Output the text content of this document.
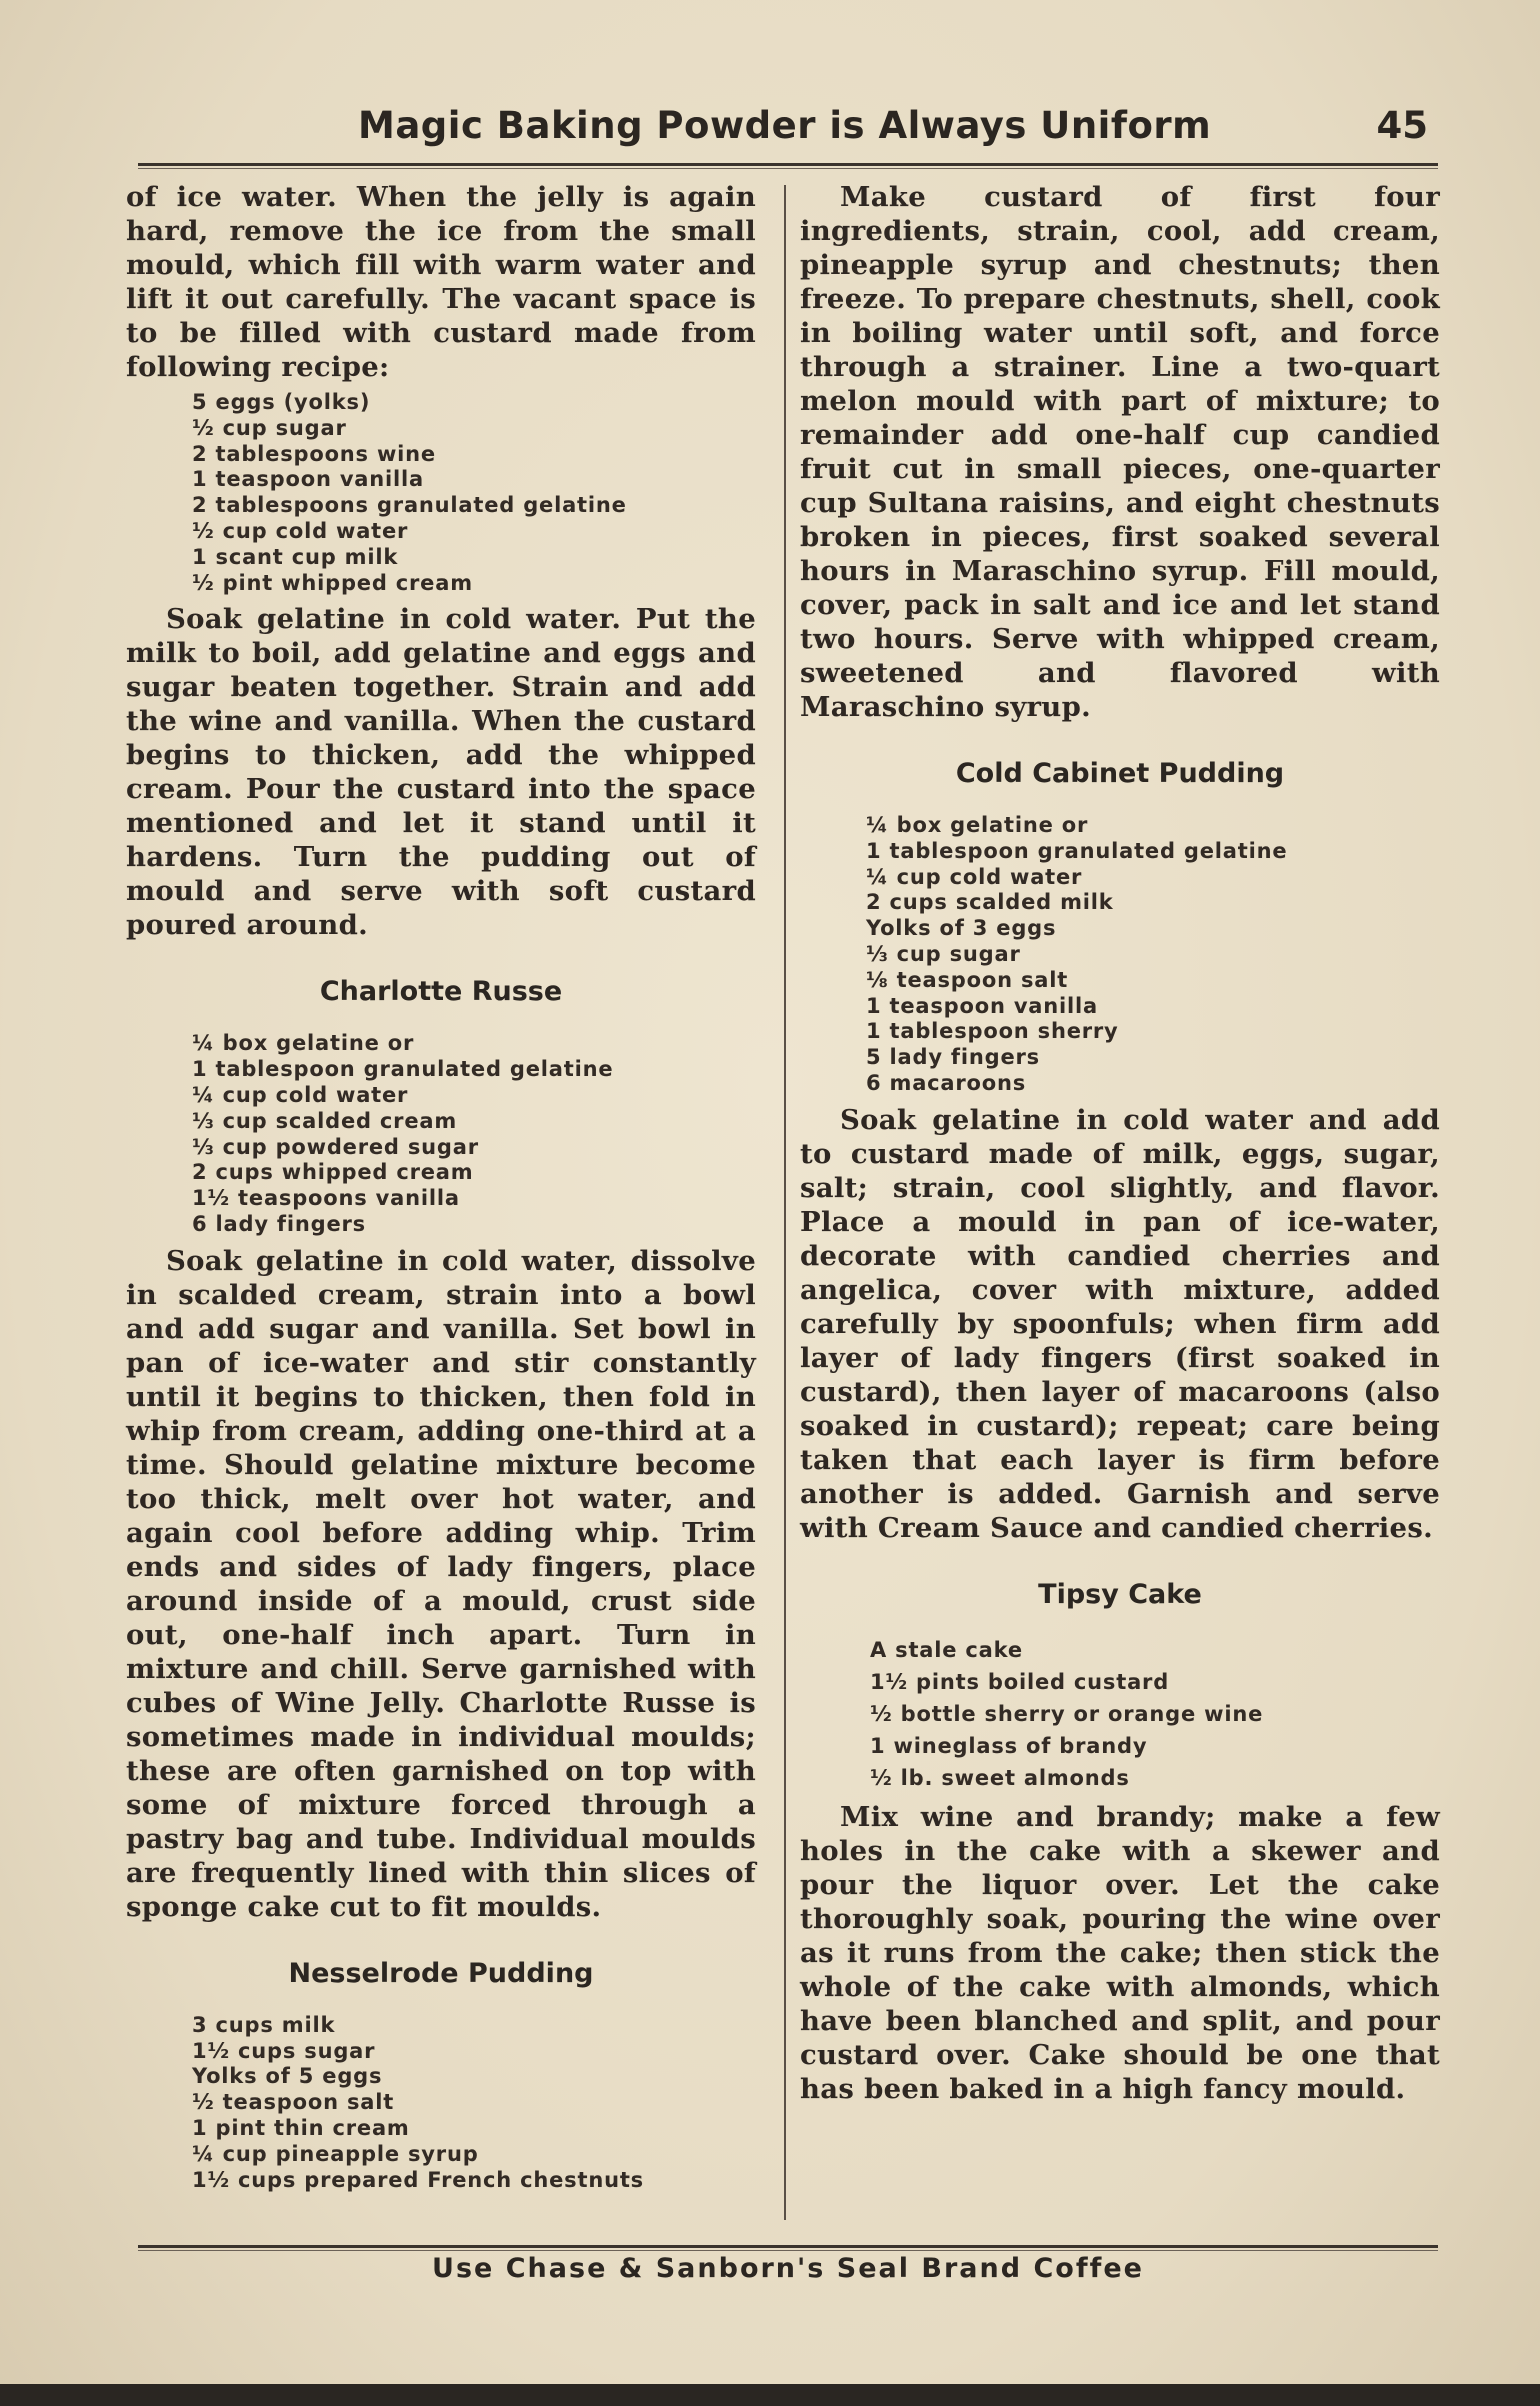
Magic Baking Powder is Always Uniform	45

of ice water. When the jelly is again hard, remove the ice from the small mould, which fill with warm water and lift it out carefully. The vacant space is to be filled with custard made from following recipe:

5 eggs (yolks)
½ cup sugar
2 tablespoons wine
1 teaspoon vanilla
2 tablespoons granulated gelatine
½ cup cold water
1 scant cup milk
½ pint whipped cream

Soak gelatine in cold water. Put the milk to boil, add gelatine and eggs and sugar beaten together. Strain and add the wine and vanilla. When the custard begins to thicken, add the whipped cream. Pour the custard into the space mentioned and let it stand until it hardens. Turn the pudding out of mould and serve with soft custard poured around.

Charlotte Russe
¼ box gelatine or
1 tablespoon granulated gelatine
¼ cup cold water
⅓ cup scalded cream
⅓ cup powdered sugar
2 cups whipped cream
1½ teaspoons vanilla
6 lady fingers

Soak gelatine in cold water, dissolve in scalded cream, strain into a bowl and add sugar and vanilla. Set bowl in pan of ice-water and stir constantly until it begins to thicken, then fold in whip from cream, adding one-third at a time. Should gelatine mixture become too thick, melt over hot water, and again cool before adding whip. Trim ends and sides of lady fingers, place around inside of a mould, crust side out, one-half inch apart. Turn in mixture and chill. Serve garnished with cubes of Wine Jelly. Charlotte Russe is sometimes made in individual moulds; these are often garnished on top with some of mixture forced through a pastry bag and tube. Individual moulds are frequently lined with thin slices of sponge cake cut to fit moulds.

Nesselrode Pudding
3 cups milk
1½ cups sugar
Yolks of 5 eggs
½ teaspoon salt
1 pint thin cream
¼ cup pineapple syrup
1½ cups prepared French chestnuts

Make custard of first four ingredients, strain, cool, add cream, pineapple syrup and chestnuts; then freeze. To prepare chestnuts, shell, cook in boiling water until soft, and force through a strainer. Line a two-quart melon mould with part of mixture; to remainder add one-half cup candied fruit cut in small pieces, one-quarter cup Sultana raisins, and eight chestnuts broken in pieces, first soaked several hours in Maraschino syrup. Fill mould, cover, pack in salt and ice and let stand two hours. Serve with whipped cream, sweetened and flavored with Maraschino syrup.

Cold Cabinet Pudding
¼ box gelatine or
1 tablespoon granulated gelatine
¼ cup cold water
2 cups scalded milk
Yolks of 3 eggs
⅓ cup sugar
⅛ teaspoon salt
1 teaspoon vanilla
1 tablespoon sherry
5 lady fingers
6 macaroons

Soak gelatine in cold water and add to custard made of milk, eggs, sugar, salt; strain, cool slightly, and flavor. Place a mould in pan of ice-water, decorate with candied cherries and angelica, cover with mixture, added carefully by spoonfuls; when firm add layer of lady fingers (first soaked in custard), then layer of macaroons (also soaked in custard); repeat; care being taken that each layer is firm before another is added. Garnish and serve with Cream Sauce and candied cherries.

Tipsy Cake
A stale cake
1½ pints boiled custard
½ bottle sherry or orange wine
1 wineglass of brandy
½ lb. sweet almonds

Mix wine and brandy; make a few holes in the cake with a skewer and pour the liquor over. Let the cake thoroughly soak, pouring the wine over as it runs from the cake; then stick the whole of the cake with almonds, which have been blanched and split, and pour custard over. Cake should be one that has been baked in a high fancy mould.

Use Chase & Sanborn's Seal Brand Coffee
